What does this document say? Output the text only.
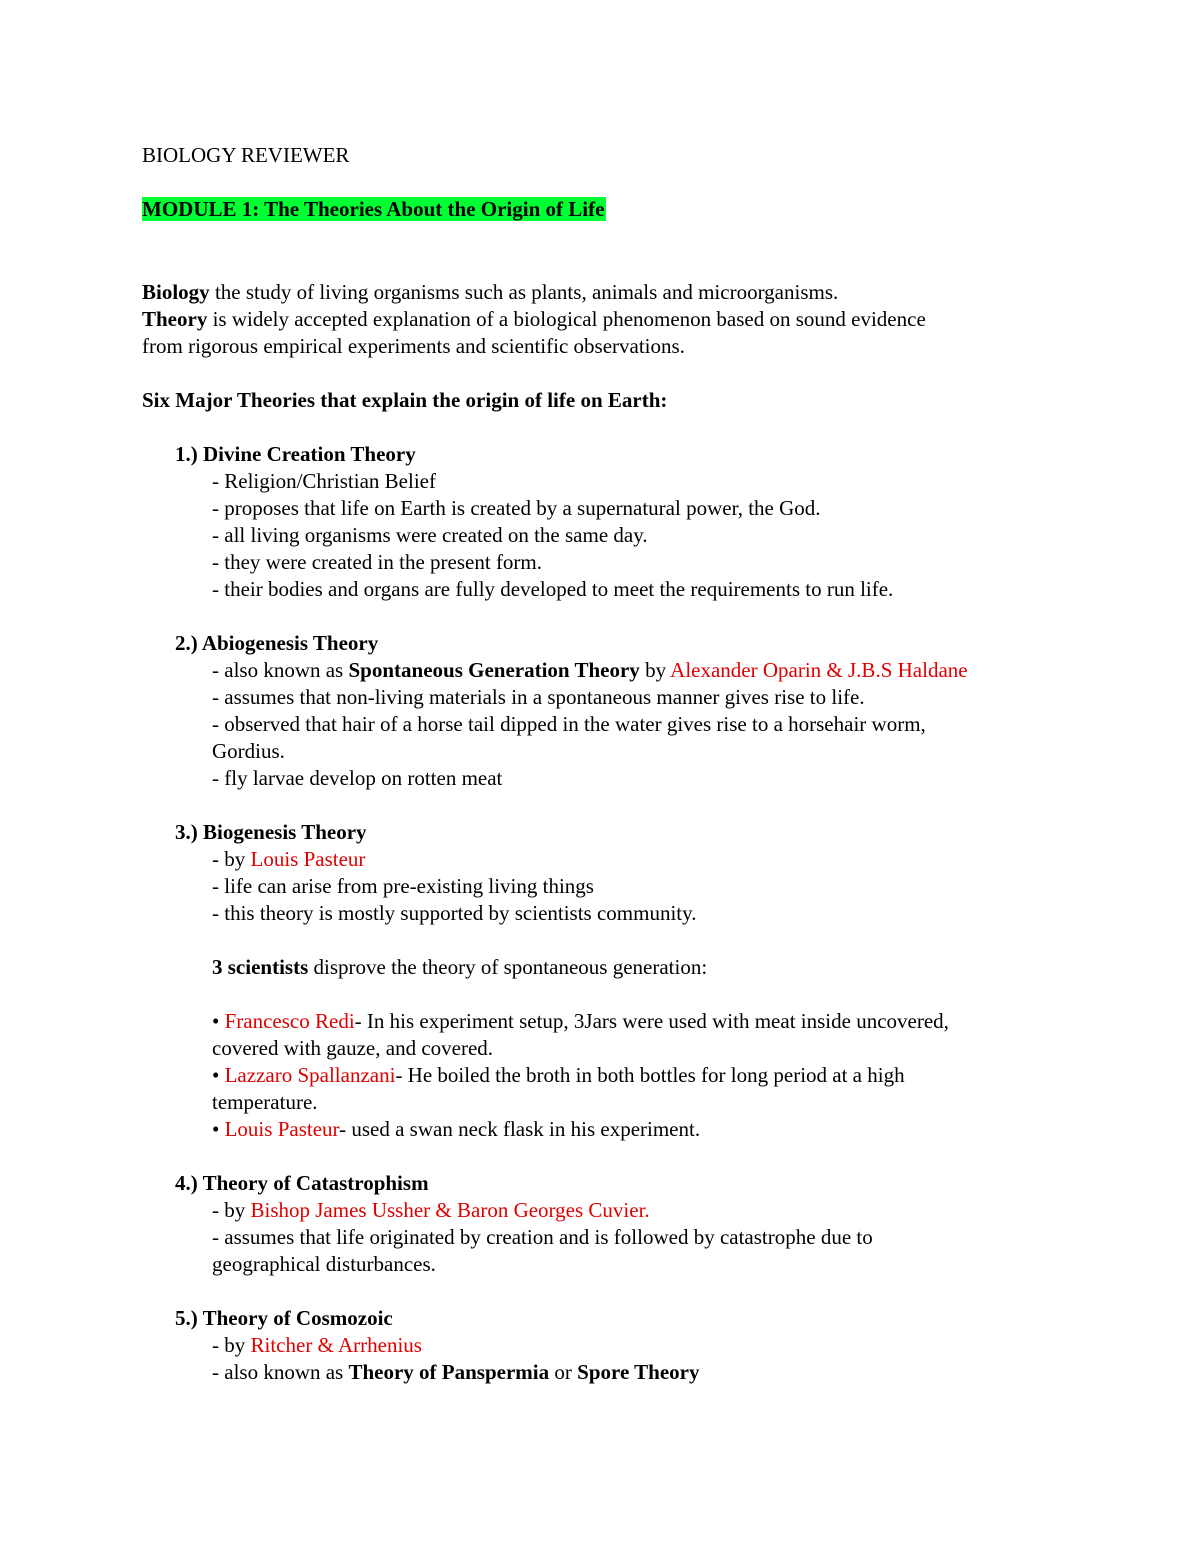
BIOLOGY REVIEWER
MODULE 1: The Theories About the Origin of Life
Biology the study of living organisms such as plants, animals and microorganisms.
Theory is widely accepted explanation of a biological phenomenon based on sound evidence
from rigorous empirical experiments and scientific observations.
Six Major Theories that explain the origin of life on Earth:
1.) Divine Creation Theory
- Religion/Christian Belief
- proposes that life on Earth is created by a supernatural power, the God.
- all living organisms were created on the same day.
- they were created in the present form.
- their bodies and organs are fully developed to meet the requirements to run life.
2.) Abiogenesis Theory
- also known as Spontaneous Generation Theory by Alexander Oparin & J.B.S Haldane
- assumes that non-living materials in a spontaneous manner gives rise to life.
- observed that hair of a horse tail dipped in the water gives rise to a horsehair worm,
Gordius.
- fly larvae develop on rotten meat
3.) Biogenesis Theory
- by Louis Pasteur
- life can arise from pre-existing living things
- this theory is mostly supported by scientists community.
3 scientists disprove the theory of spontaneous generation:
• Francesco Redi- In his experiment setup, 3Jars were used with meat inside uncovered,
covered with gauze, and covered.
• Lazzaro Spallanzani- He boiled the broth in both bottles for long period at a high
temperature.
• Louis Pasteur- used a swan neck flask in his experiment.
4.) Theory of Catastrophism
- by Bishop James Ussher & Baron Georges Cuvier.
- assumes that life originated by creation and is followed by catastrophe due to
geographical disturbances.
5.) Theory of Cosmozoic
- by Ritcher & Arrhenius
- also known as Theory of Panspermia or Spore Theory
